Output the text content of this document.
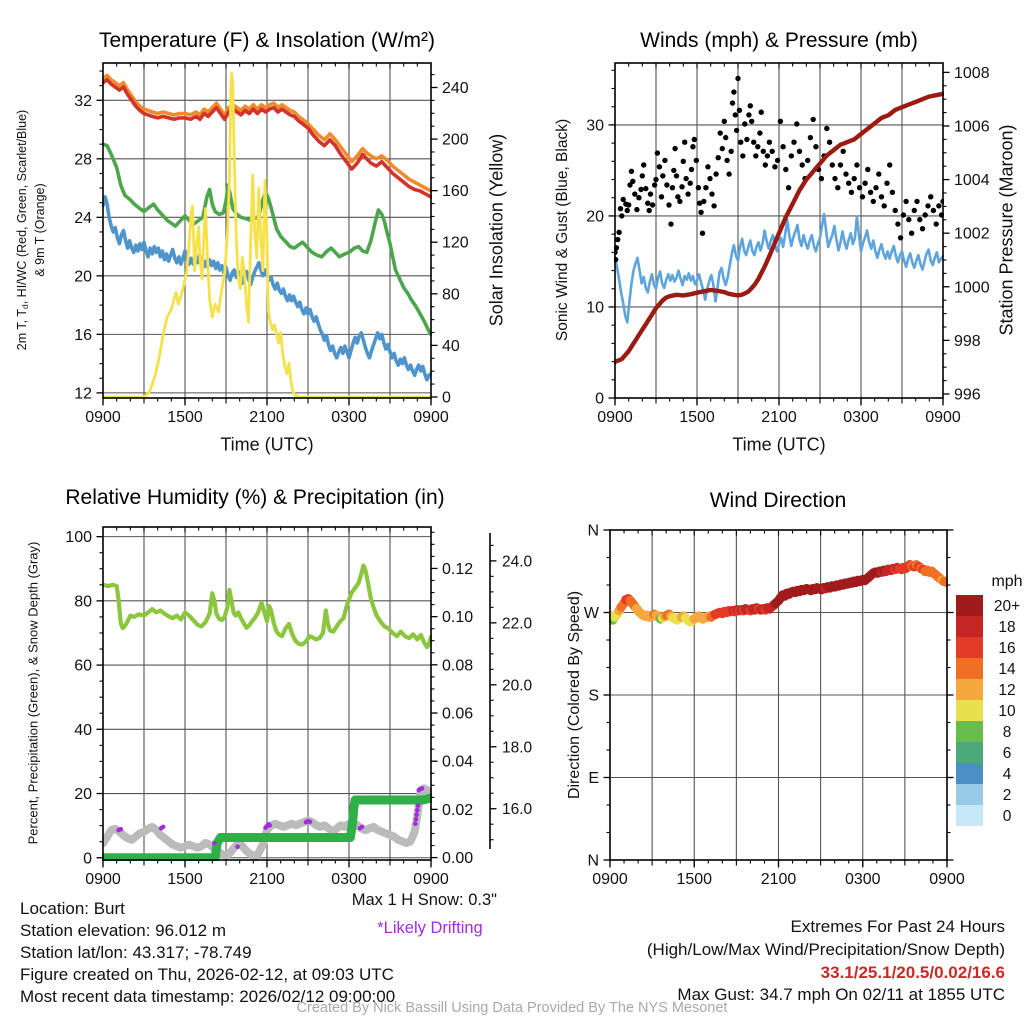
0900	1500	2100	0300	0900
12
16
20
24
28
32
0
40
80
120
160
200
240
0900	1500	2100	0300	0900
0
10
20
30
996
998
1000
1002
1004
1006
1008
0900	1500	2100	0300	0900
0
20
40
60
80
100
0.00
0.02
0.04
0.06
0.08
0.10
0.12
16.0
18.0
20.0
22.0
24.0
0900	1500	2100	0300	0900
N
E
S
W
N
mph
20+
18
16
14
12
10
8
6
4
2
0
Temperature (F) & Insolation (W/m²)	Winds (mph) & Pressure (mb)
Relative Humidity (%) & Precipitation (in)	Wind Direction
2m T, Td, HI/WC (Red, Green, Scarlet/Blue) & 9m T (Orange)	Solar Insolation (Yellow)	Sonic Wind & Gust (Blue, Black)	Station Pressure (Maroon)
Percent, Precipitation (Green), & Snow Depth (Gray)	Direction (Colored By Speed)
Time (UTC)	Time (UTC)
Location: Burt
Station elevation: 96.012 m
Station lat/lon: 43.317; -78.749
Figure created on Thu, 2026-02-12, at 09:03 UTC
Most recent data timestamp: 2026/02/12 09:00:00
Max 1 H Snow: 0.3"
*Likely Drifting	Extremes For Past 24 Hours
(High/Low/Max Wind/Precipitation/Snow Depth)
33.1/25.1/20.5/0.02/16.6
Max Gust: 34.7 mph On 02/11 at 1855 UTC
Created By Nick Bassill Using Data Provided By The NYS Mesonet
